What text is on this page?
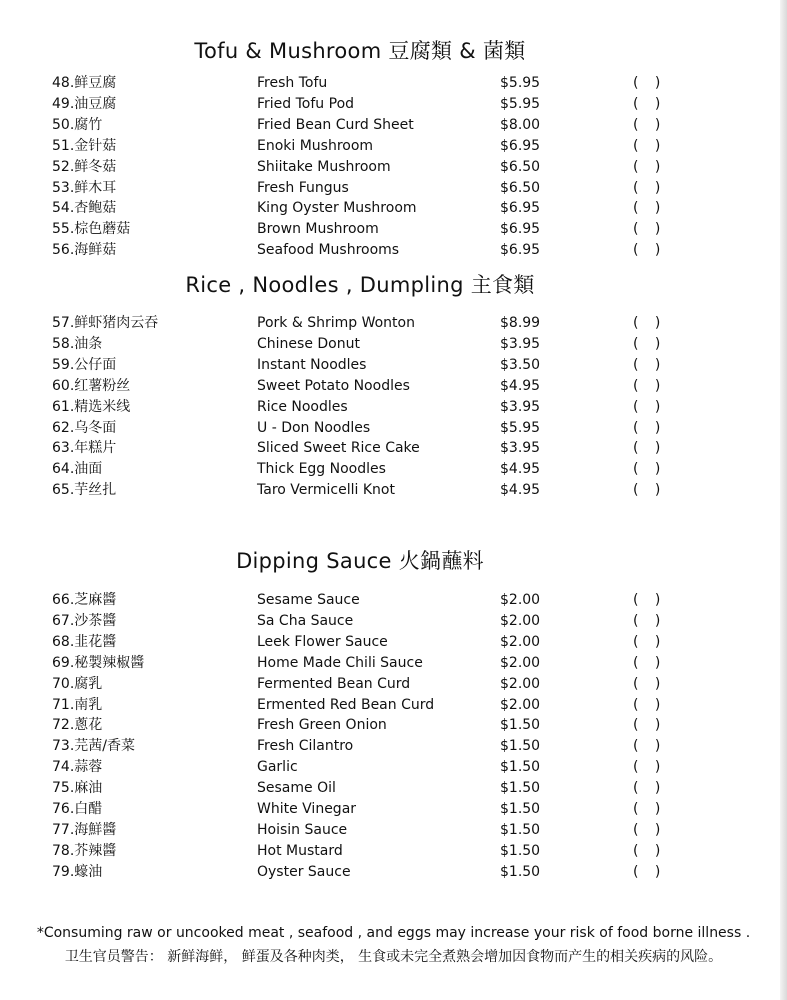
Tofu & Mushroom 豆腐類 & 菌類
Rice , Noodles , Dumpling 主食類
Dipping Sauce 火鍋蘸料
48.鲜豆腐	Fresh Tofu	$5.95	( )
49.油豆腐	Fried Tofu Pod	$5.95	( )
50.腐竹	Fried Bean Curd Sheet	$8.00	( )
51.金针菇	Enoki Mushroom	$6.95	( )
52.鲜冬菇	Shiitake Mushroom	$6.50	( )
53.鲜木耳	Fresh Fungus	$6.50	( )
54.杏鲍菇	King Oyster Mushroom	$6.95	( )
55.棕色蘑菇	Brown Mushroom	$6.95	( )
56.海鲜菇	Seafood Mushrooms	$6.95	( )
57.鲜虾猪肉云吞	Pork & Shrimp Wonton	$8.99	( )
58.油条	Chinese Donut	$3.95	( )
59.公仔面	Instant Noodles	$3.50	( )
60.红薯粉丝	Sweet Potato Noodles	$4.95	( )
61.精选米线	Rice Noodles	$3.95	( )
62.乌冬面	U - Don Noodles	$5.95	( )
63.年糕片	Sliced Sweet Rice Cake	$3.95	( )
64.油面	Thick Egg Noodles	$4.95	( )
65.芋丝扎	Taro Vermicelli Knot	$4.95	( )
66.芝麻醬	Sesame Sauce	$2.00	( )
67.沙茶醬	Sa Cha Sauce	$2.00	( )
68.韭花醬	Leek Flower Sauce	$2.00	( )
69.秘製辣椒醬	Home Made Chili Sauce	$2.00	( )
70.腐乳	Fermented Bean Curd	$2.00	( )
71.南乳	Ermented Red Bean Curd	$2.00	( )
72.蔥花	Fresh Green Onion	$1.50	( )
73.芫茜/香菜	Fresh Cilantro	$1.50	( )
74.蒜蓉	Garlic	$1.50	( )
75.麻油	Sesame Oil	$1.50	( )
76.白醋	White Vinegar	$1.50	( )
77.海鮮醬	Hoisin Sauce	$1.50	( )
78.芥辣醬	Hot Mustard	$1.50	( )
79.蠔油	Oyster Sauce	$1.50	( )
*Consuming raw or uncooked meat , seafood , and eggs may increase your risk of food borne illness .
卫生官员警告： 新鲜海鲜， 鲜蛋及各种肉类， 生食或未完全煮熟会增加因食物而产生的相关疾病的风险。
